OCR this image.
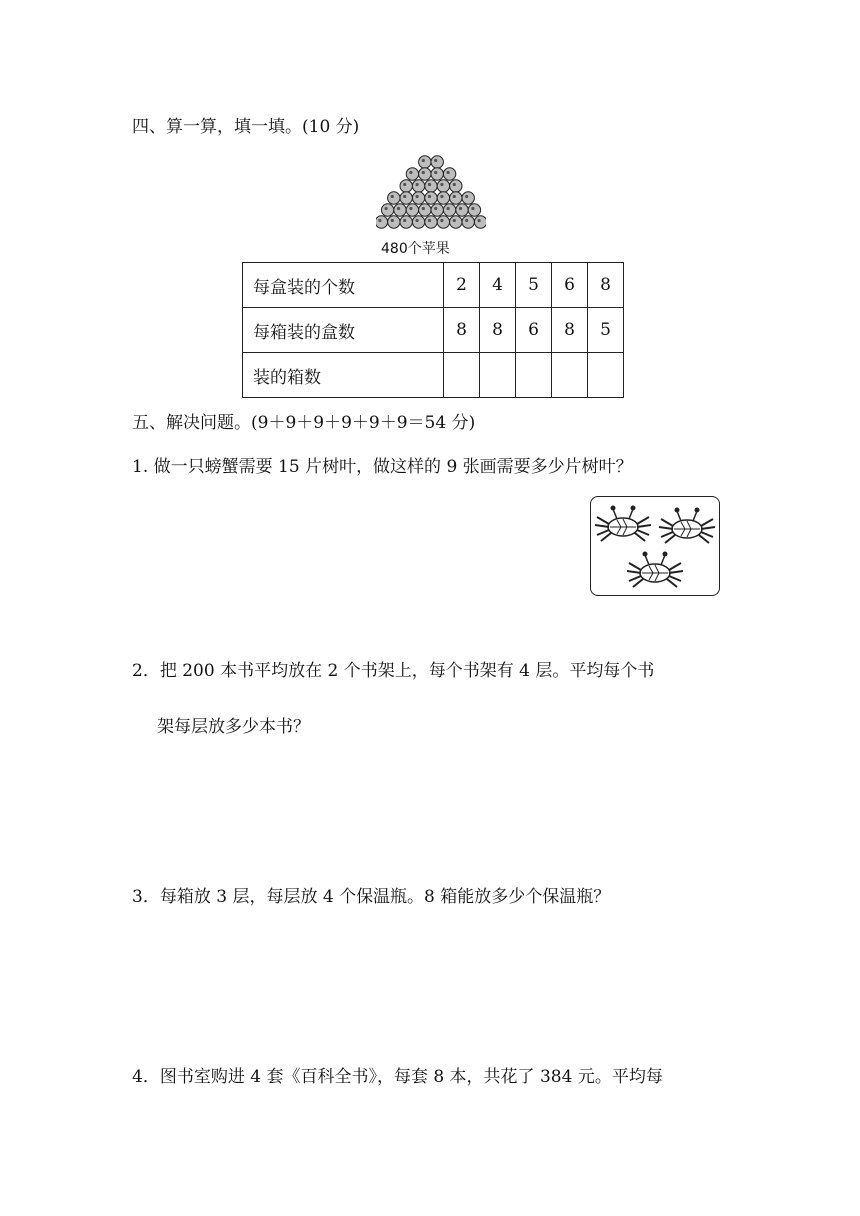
四、算一算，填一填。(10 分)
480个苹果
每盒装的个数	2	4	5	6	8
每箱装的盒数	8	8	6	8	5
装的箱数					
五、解决问题。(9＋9＋9＋9＋9＋9＝54 分)
1. 做一只螃蟹需要 15 片树叶，做这样的 9 张画需要多少片树叶？
2．把 200 本书平均放在 2 个书架上，每个书架有 4 层。平均每个书
架每层放多少本书？
3．每箱放 3 层，每层放 4 个保温瓶。8 箱能放多少个保温瓶？
4．图书室购进 4 套《百科全书》，每套 8 本，共花了 384 元。平均每
